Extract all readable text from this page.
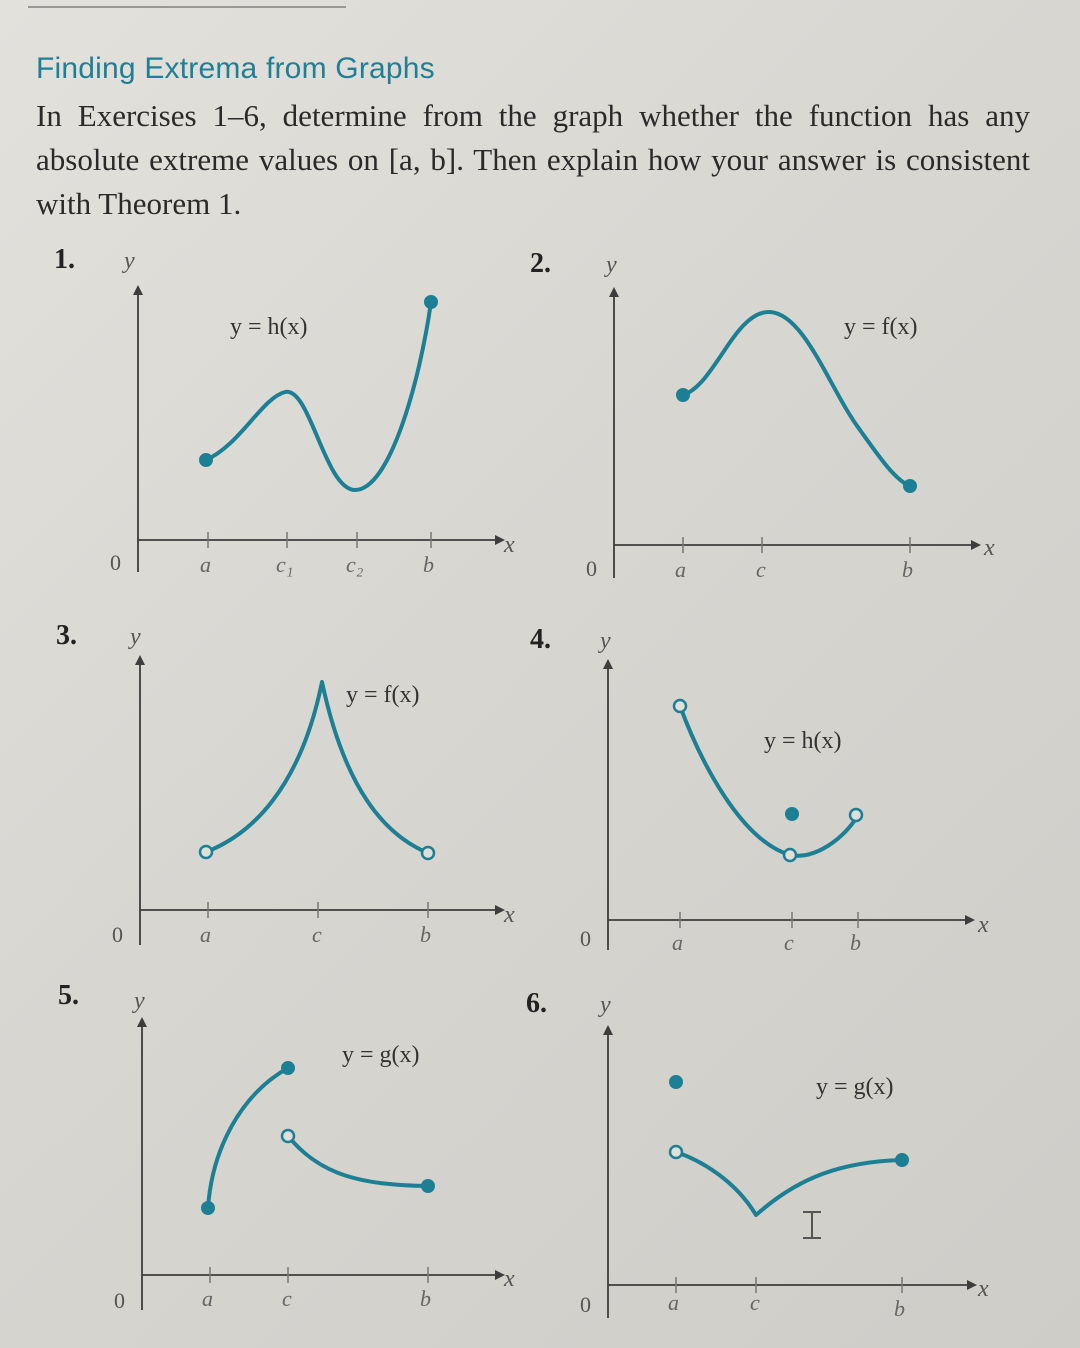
Finding Extrema from Graphs
In Exercises 1–6, determine from the graph whether the function has any absolute extreme values on [a, b]. Then explain how your answer is consistent with Theorem 1.
1. y
x
0	a	c₁ c₂	b
y = h(x)
2. y
x
0	a	c	b
y = f(x)
3. y
x
0	a	c	b
y = f(x)
4. y
x
0	a	c	b
y = h(x)
5. y
x
0	a	c	b
y = g(x)
6. y
x
0	a	c	b
y = g(x)
